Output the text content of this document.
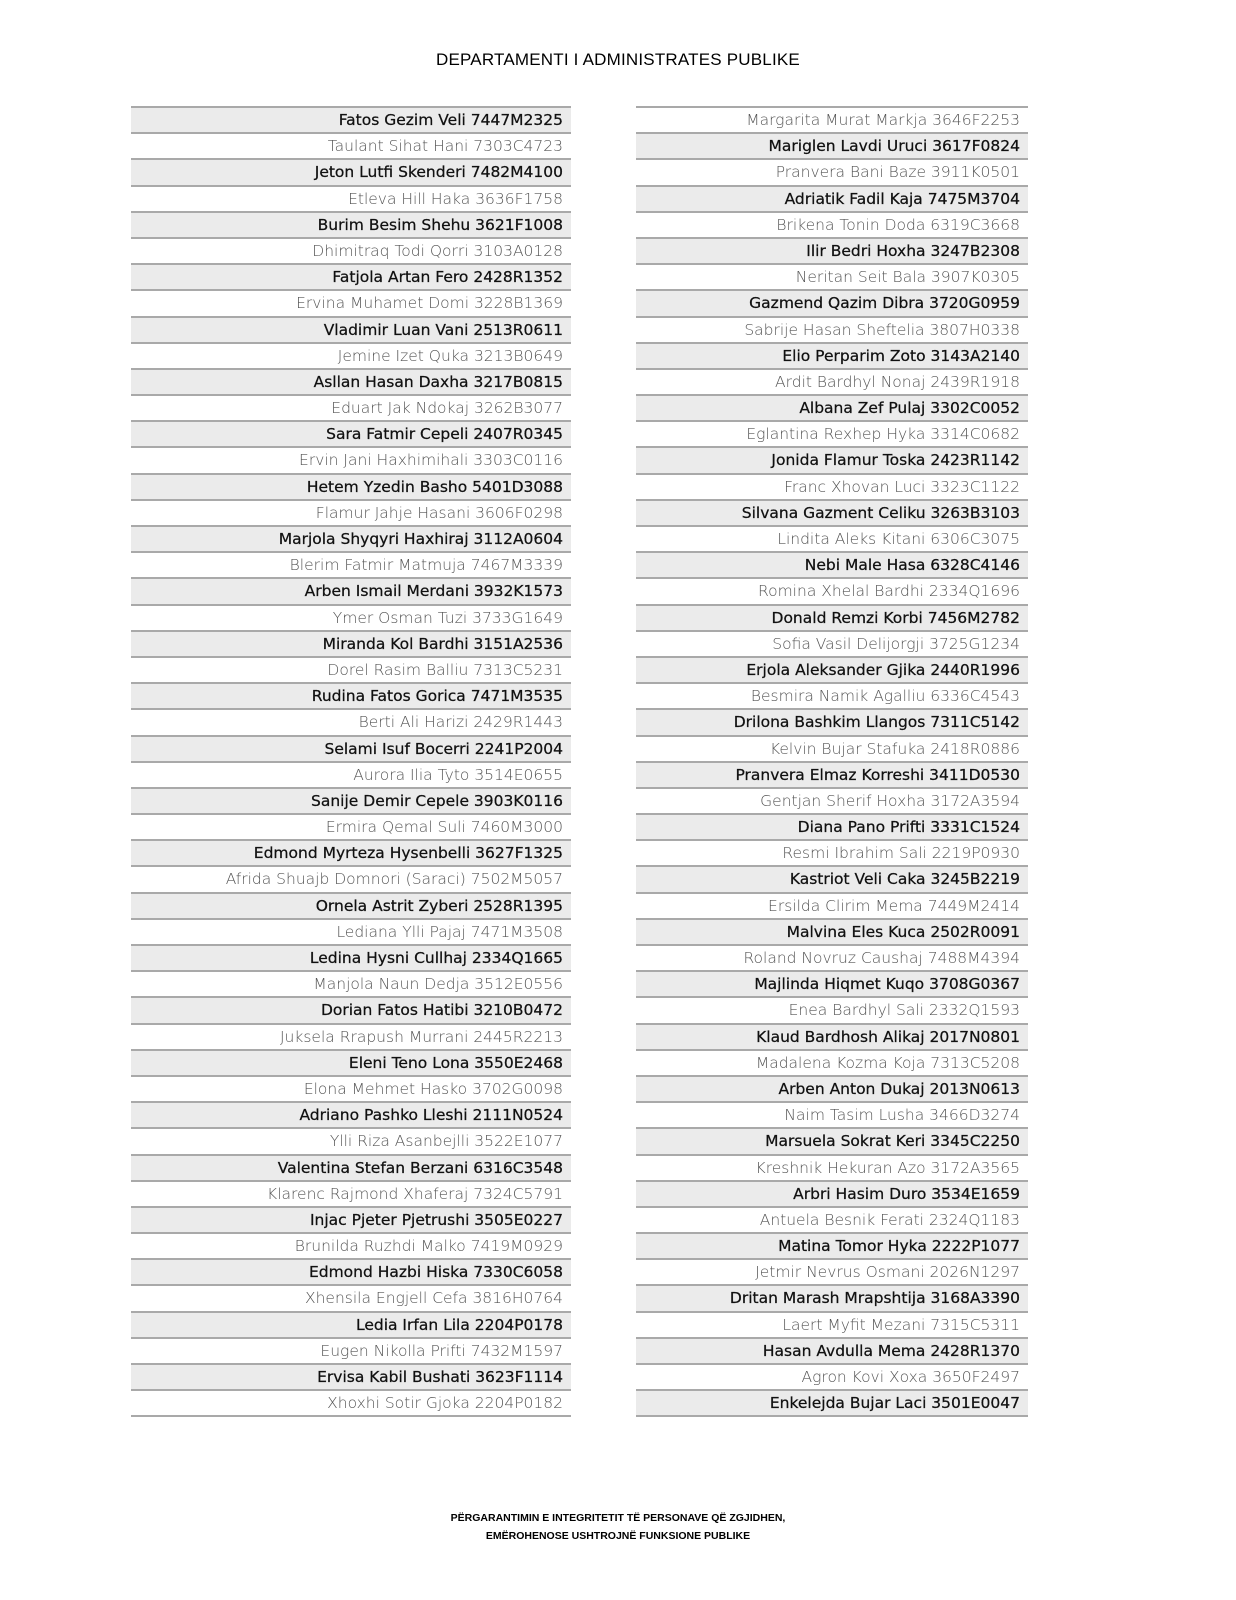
DEPARTAMENTI I ADMINISTRATES PUBLIKE
Fatos Gezim Veli 7447M2325
Taulant Sihat Hani 7303C4723
Jeton Lutfi Skenderi 7482M4100
Etleva Hill Haka 3636F1758
Burim Besim Shehu 3621F1008
Dhimitraq Todi Qorri 3103A0128
Fatjola Artan Fero 2428R1352
Ervina Muhamet Domi 3228B1369
Vladimir Luan Vani 2513R0611
Jemine Izet Quka 3213B0649
Asllan Hasan Daxha 3217B0815
Eduart Jak Ndokaj 3262B3077
Sara Fatmir Cepeli 2407R0345
Ervin Jani Haxhimihali 3303C0116
Hetem Yzedin Basho 5401D3088
Flamur Jahje Hasani 3606F0298
Marjola Shyqyri Haxhiraj 3112A0604
Blerim Fatmir Matmuja 7467M3339
Arben Ismail Merdani 3932K1573
Ymer Osman Tuzi 3733G1649
Miranda Kol Bardhi 3151A2536
Dorel Rasim Balliu 7313C5231
Rudina Fatos Gorica 7471M3535
Berti Ali Harizi 2429R1443
Selami Isuf Bocerri 2241P2004
Aurora Ilia Tyto 3514E0655
Sanije Demir Cepele 3903K0116
Ermira Qemal Suli 7460M3000
Edmond Myrteza Hysenbelli 3627F1325
Afrida Shuajb Domnori (Saraci) 7502M5057
Ornela Astrit Zyberi 2528R1395
Lediana Ylli Pajaj 7471M3508
Ledina Hysni Cullhaj 2334Q1665
Manjola Naun Dedja 3512E0556
Dorian Fatos Hatibi 3210B0472
Juksela Rrapush Murrani 2445R2213
Eleni Teno Lona 3550E2468
Elona Mehmet Hasko 3702G0098
Adriano Pashko Lleshi 2111N0524
Ylli Riza Asanbejlli 3522E1077
Valentina Stefan Berzani 6316C3548
Klarenc Rajmond Xhaferaj 7324C5791
Injac Pjeter Pjetrushi 3505E0227
Brunilda Ruzhdi Malko 7419M0929
Edmond Hazbi Hiska 7330C6058
Xhensila Engjell Cefa 3816H0764
Ledia Irfan Lila 2204P0178
Eugen Nikolla Prifti 7432M1597
Ervisa Kabil Bushati 3623F1114
Xhoxhi Sotir Gjoka 2204P0182
Margarita Murat Markja 3646F2253
Mariglen Lavdi Uruci 3617F0824
Pranvera Bani Baze 3911K0501
Adriatik Fadil Kaja 7475M3704
Brikena Tonin Doda 6319C3668
Ilir Bedri Hoxha 3247B2308
Neritan Seit Bala 3907K0305
Gazmend Qazim Dibra 3720G0959
Sabrije Hasan Sheftelia 3807H0338
Elio Perparim Zoto 3143A2140
Ardit Bardhyl Nonaj 2439R1918
Albana Zef Pulaj 3302C0052
Eglantina Rexhep Hyka 3314C0682
Jonida Flamur Toska 2423R1142
Franc Xhovan Luci 3323C1122
Silvana Gazment Celiku 3263B3103
Lindita Aleks Kitani 6306C3075
Nebi Male Hasa 6328C4146
Romina Xhelal Bardhi 2334Q1696
Donald Remzi Korbi 7456M2782
Sofia Vasil Delijorgji 3725G1234
Erjola Aleksander Gjika 2440R1996
Besmira Namik Agalliu 6336C4543
Drilona Bashkim Llangos 7311C5142
Kelvin Bujar Stafuka 2418R0886
Pranvera Elmaz Korreshi 3411D0530
Gentjan Sherif Hoxha 3172A3594
Diana Pano Prifti 3331C1524
Resmi Ibrahim Sali 2219P0930
Kastriot Veli Caka 3245B2219
Ersilda Clirim Mema 7449M2414
Malvina Eles Kuca 2502R0091
Roland Novruz Caushaj 7488M4394
Majlinda Hiqmet Kuqo 3708G0367
Enea Bardhyl Sali 2332Q1593
Klaud Bardhosh Alikaj 2017N0801
Madalena Kozma Koja 7313C5208
Arben Anton Dukaj 2013N0613
Naim Tasim Lusha 3466D3274
Marsuela Sokrat Keri 3345C2250
Kreshnik Hekuran Azo 3172A3565
Arbri Hasim Duro 3534E1659
Antuela Besnik Ferati 2324Q1183
Matina Tomor Hyka 2222P1077
Jetmir Nevrus Osmani 2026N1297
Dritan Marash Mrapshtija 3168A3390
Laert Myfit Mezani 7315C5311
Hasan Avdulla Mema 2428R1370
Agron Kovi Xoxa 3650F2497
Enkelejda Bujar Laci 3501E0047
PËRGARANTIMIN E INTEGRITETIT TË PERSONAVE QË ZGJIDHEN,
EMËROHENOSE USHTROJNË FUNKSIONE PUBLIKE
